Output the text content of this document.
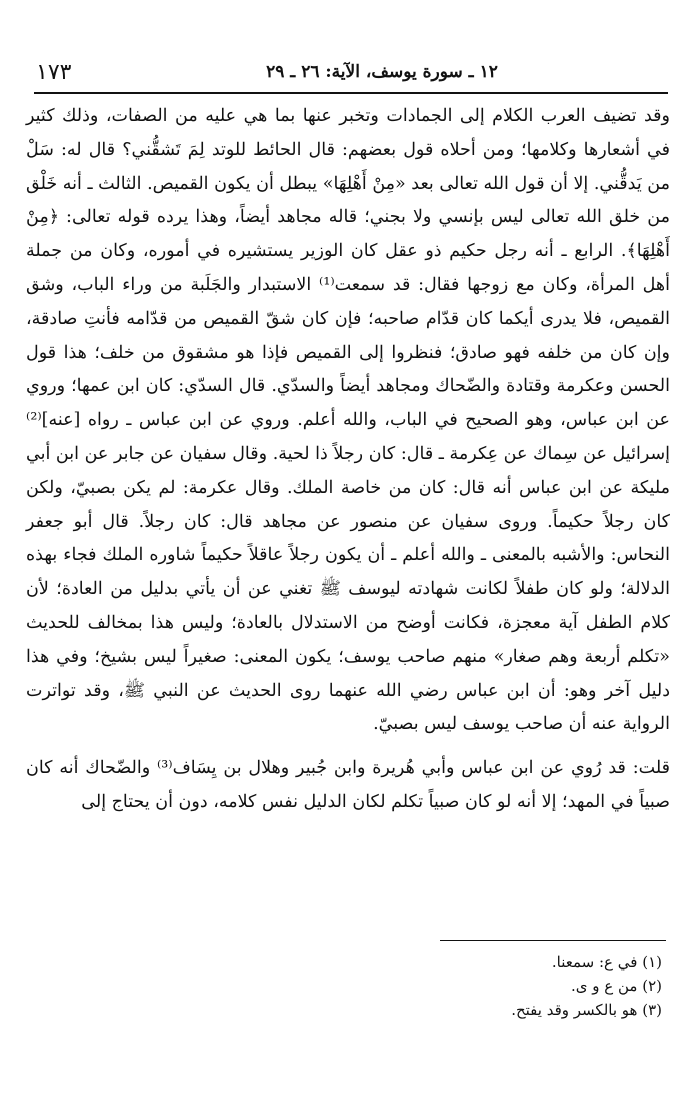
١٧٣	١٢ ـ سورة يوسف، الآية: ٢٦ ـ ٢٩

وقد تضيف العرب الكلام إلى الجمادات وتخبر عنها بما هي عليه من الصفات، وذلك كثير في أشعارها وكلامها؛ ومن أحلاه قول بعضهم: قال الحائط للوتد لِمَ تَشقُّني؟ قال له: سَلْ من يَدقُّني. إلا أن قول الله تعالى بعد «مِنْ أَهْلِهَا» يبطل أن يكون القميص. الثالث ـ أنه خَلْق من خلق الله تعالى ليس بإنسي ولا بجني؛ قاله مجاهد أيضاً، وهذا يرده قوله تعالى: ﴿مِنْ أَهْلِهَا﴾. الرابع ـ أنه رجل حكيم ذو عقل كان الوزير يستشيره في أموره، وكان من جملة أهل المرأة، وكان مع زوجها فقال: قد سمعت⁽¹⁾ الاستبدار والجَلَبة من وراء الباب، وشق القميص، فلا يدرى أيكما كان قدّام صاحبه؛ فإن كان شقّ القميص من قدّامه فأنتِ صادقة، وإن كان من خلفه فهو صادق؛ فنظروا إلى القميص فإذا هو مشقوق من خلف؛ هذا قول الحسن وعكرمة وقتادة والضّحاك ومجاهد أيضاً والسدّي. قال السدّي: كان ابن عمها؛ وروي عن ابن عباس، وهو الصحيح في الباب، والله أعلم. وروي عن ابن عباس ـ رواه [عنه]⁽²⁾ إسرائيل عن سِماك عن عِكرمة ـ قال: كان رجلاً ذا لحية. وقال سفيان عن جابر عن ابن أبي مليكة عن ابن عباس أنه قال: كان من خاصة الملك. وقال عكرمة: لم يكن بصبيّ، ولكن كان رجلاً حكيماً. وروى سفيان عن منصور عن مجاهد قال: كان رجلاً. قال أبو جعفر النحاس: والأشبه بالمعنى ـ والله أعلم ـ أن يكون رجلاً عاقلاً حكيماً شاوره الملك فجاء بهذه الدلالة؛ ولو كان طفلاً لكانت شهادته ليوسف ﷺ تغني عن أن يأتي بدليل من العادة؛ لأن كلام الطفل آية معجزة، فكانت أوضح من الاستدلال بالعادة؛ وليس هذا بمخالف للحديث «تكلم أربعة وهم صغار» منهم صاحب يوسف؛ يكون المعنى: صغيراً ليس بشيخ؛ وفي هذا دليل آخر وهو: أن ابن عباس رضي الله عنهما روى الحديث عن النبي ﷺ، وقد تواترت الرواية عنه أن صاحب يوسف ليس بصبيّ.

قلت: قد رُوي عن ابن عباس وأبي هُريرة وابن جُبير وهلال بن يِسَاف⁽³⁾ والضّحاك أنه كان صبياً في المهد؛ إلا أنه لو كان صبياً تكلم لكان الدليل نفس كلامه، دون أن يحتاج إلى

(١) في ع: سمعنا.
(٢) من ع و ى.
(٣) هو بالكسر وقد يفتح.
